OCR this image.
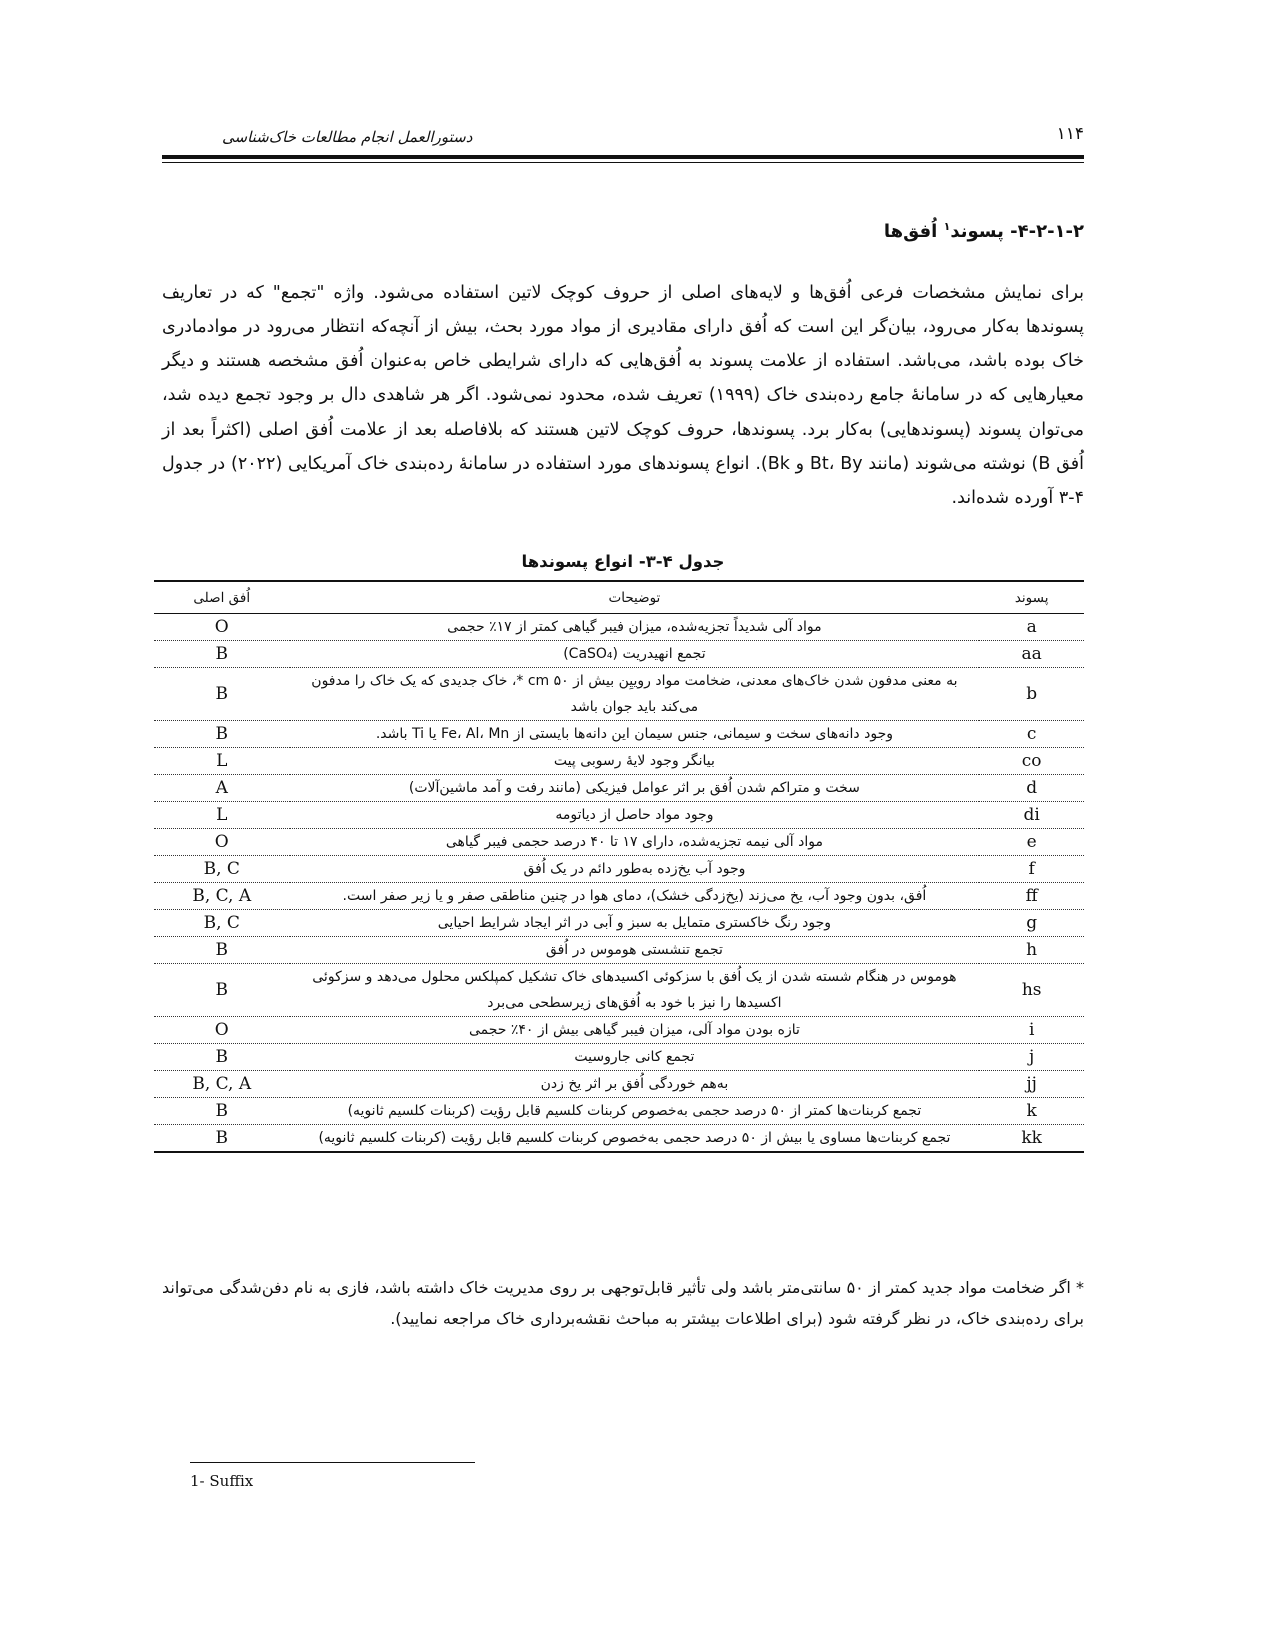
۱۱۴
دستورالعمل انجام مطالعات خاک‌شناسی
۴-۲-۱-۲- پسوند$^۱$ اُفق‌ها

برای نمایش مشخصات فرعی اُفق‌ها و لایه‌های اصلی از حروف کوچک لاتین استفاده می‌شود. واژه "تجمع" که در تعاریف پسوندها به‌کار می‌رود، بیان‌گر این است که اُفق دارای مقادیری از مواد مورد بحث، بیش از آنچه‌که انتظار می‌رود در موادمادری خاک بوده باشد، می‌باشد. استفاده از علامت پسوند به اُفق‌هایی که دارای شرایطی خاص به‌عنوان اُفق مشخصه هستند و دیگر معیارهایی که در سامانهٔ جامع رده‌بندی خاک (۱۹۹۹) تعریف شده، محدود نمی‌شود. اگر هر شاهدی دال بر وجود تجمع دیده شد، می‌توان پسوند (پسوندهایی) به‌کار برد. پسوندها، حروف کوچک لاتین هستند که بلافاصله بعد از علامت اُفق اصلی (اکثراً بعد از اُفق B) نوشته می‌شوند (مانند Bt، By و Bk). انواع پسوندهای مورد استفاده در سامانهٔ رده‌بندی خاک آمریکایی (۲۰۲۲) در جدول ۴-۳ آورده شده‌اند.

جدول ۴-۳- انواع پسوندها
پسوند	توضیحات	اُفق اصلی
a	مواد آلی شدیداً تجزیه‌شده، میزان فیبر گیاهی کمتر از ۱۷٪ حجمی	O
aa	تجمع انهیدریت (CaSO₄)	B
b	به معنی مدفون شدن خاک‌های معدنی، ضخامت مواد روییِن بیش از ۵۰ cm *، خاک جدیدی که یک خاک را مدفون می‌کند باید جوان باشد	B
c	وجود دانه‌های سخت و سیمانی، جنس سیمان این دانه‌ها بایستی از Fe، Al، Mn یا Ti باشد.	B
co	بیانگر وجود لایهٔ رسوبی پیت	L
d	سخت و متراکم شدن اُفق بر اثر عوامل فیزیکی (مانند رفت و آمد ماشین‌آلات)	A
di	وجود مواد حاصل از دیاتومه	L
e	مواد آلی نیمه تجزیه‌شده، دارای ۱۷ تا ۴۰ درصد حجمی فیبر گیاهی	O
f	وجود آب یخ‌زده به‌طور دائم در یک اُفق	B, C
ff	اُفق، بدون وجود آب، یخ می‌زند (یخ‌زدگی خشک)، دمای هوا در چنین مناطقی صفر و یا زیر صفر است.	B, C, A
g	وجود رنگ خاکستری متمایل به سبز و آبی در اثر ایجاد شرایط احیایی	B, C
h	تجمع تنشستی هوموس در اُفق	B
hs	هوموس در هنگام شسته شدن از یک اُفق با سزکوئی اکسیدهای خاک تشکیل کمپلکس محلول می‌دهد و سزکوئی اکسیدها را نیز با خود به اُفق‌های زیرسطحی می‌برد	B
i	تازه بودن مواد آلی، میزان فیبر گیاهی بیش از ۴۰٪ حجمی	O
j	تجمع کانی جاروسیت	B
jj	به‌هم خوردگی اُفق بر اثر یخ زدن	B, C, A
k	تجمع کربنات‌ها کمتر از ۵۰ درصد حجمی به‌خصوص کربنات کلسیم قابل رؤیت (کربنات کلسیم ثانویه)	B
kk	تجمع کربنات‌ها مساوی یا بیش از ۵۰ درصد حجمی به‌خصوص کربنات کلسیم قابل رؤیت (کربنات کلسیم ثانویه)	B

* اگر ضخامت مواد جدید کمتر از ۵۰ سانتی‌متر باشد ولی تأثیر قابل‌توجهی بر روی مدیریت خاک داشته باشد، فازی به نام دفن‌شدگی می‌تواند برای رده‌بندی خاک، در نظر گرفته شود (برای اطلاعات بیشتر به مباحث نقشه‌برداری خاک مراجعه نمایید).

1- Suffix
